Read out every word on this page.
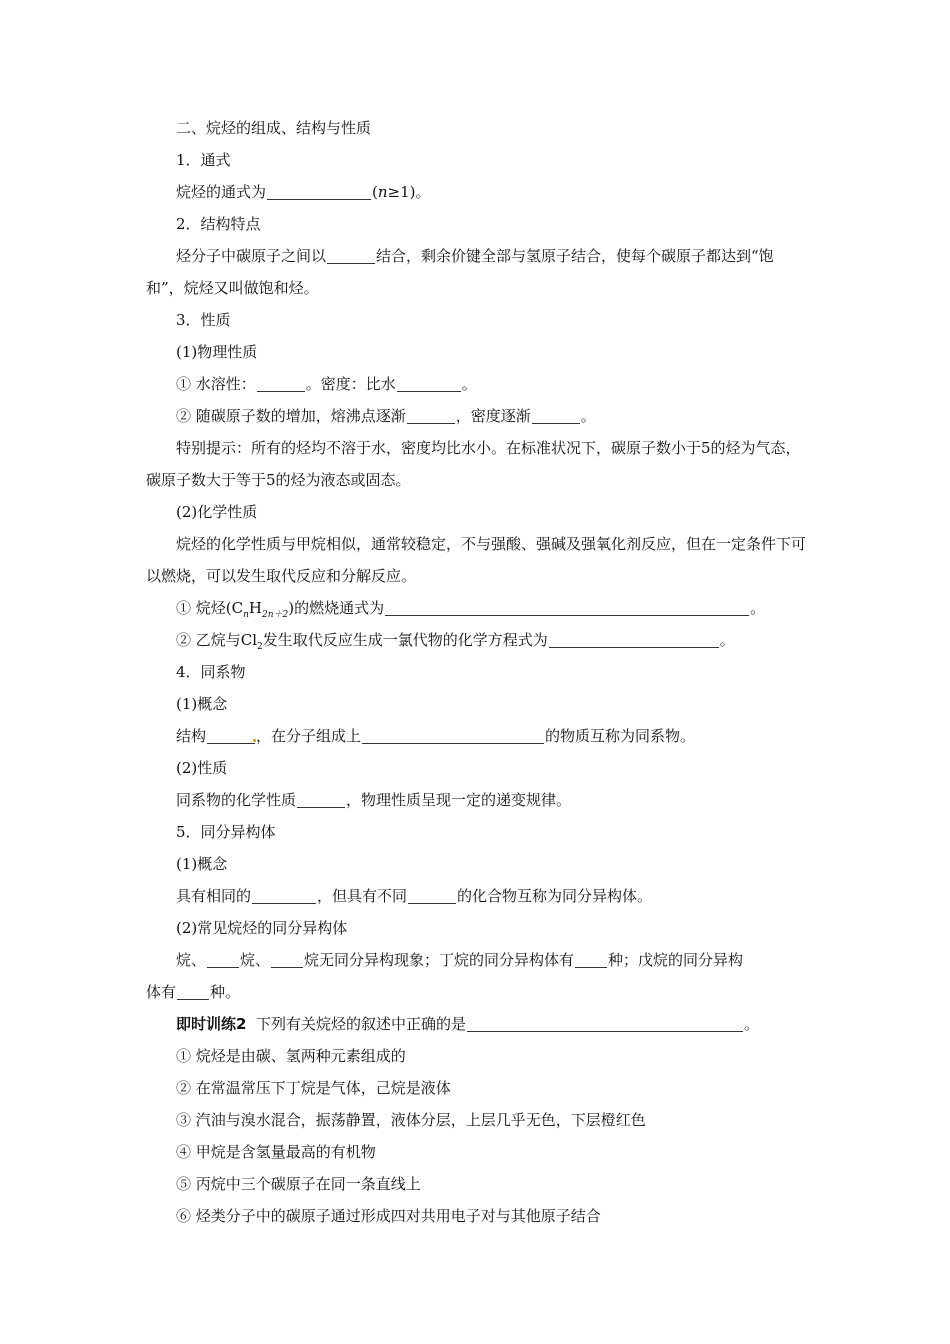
二、烷烃的组成、结构与性质
1．通式
烷烃的通式为	(n≥1)。
2．结构特点
烃分子中碳原子之间以	结合，剩余价键全部与氢原子结合，使每个碳原子都达到“饱和”，烷烃又叫做饱和烃。
3．性质
(1)物理性质
① 水溶性：	。密度：比水	。
② 随碳原子数的增加，熔沸点逐渐	，密度逐渐	。
特别提示：所有的烃均不溶于水，密度均比水小。在标准状况下，碳原子数小于5的烃为气态，碳原子数大于等于5的烃为液态或固态。
(2)化学性质
烷烃的化学性质与甲烷相似，通常较稳定，不与强酸、强碱及强氧化剂反应，但在一定条件下可以燃烧，可以发生取代反应和分解反应。
① 烷烃$(C_nH_{2n+2})$的燃烧通式为	。
② 乙烷与$Cl_2$发生取代反应生成一氯代物的化学方程式为	。
4．同系物
(1)概念
结构	，在分子组成上	的物质互称为同系物。
(2)性质
同系物的化学性质	，物理性质呈现一定的递变规律。
5．同分异构体
(1)概念
具有相同的	，但具有不同	的化合物互称为同分异构体。
(2)常见烷烃的同分异构体
烷、 烷、 烷无同分异构现象；丁烷的同分异构体有 种；戊烷的同分异构
体有 种。
即时训练2 下列有关烷烃的叙述中正确的是	。
① 烷烃是由碳、氢两种元素组成的
② 在常温常压下丁烷是气体，己烷是液体
③ 汽油与溴水混合，振荡静置，液体分层，上层几乎无色，下层橙红色
④ 甲烷是含氢量最高的有机物
⑤ 丙烷中三个碳原子在同一条直线上
⑥ 烃类分子中的碳原子通过形成四对共用电子对与其他原子结合
